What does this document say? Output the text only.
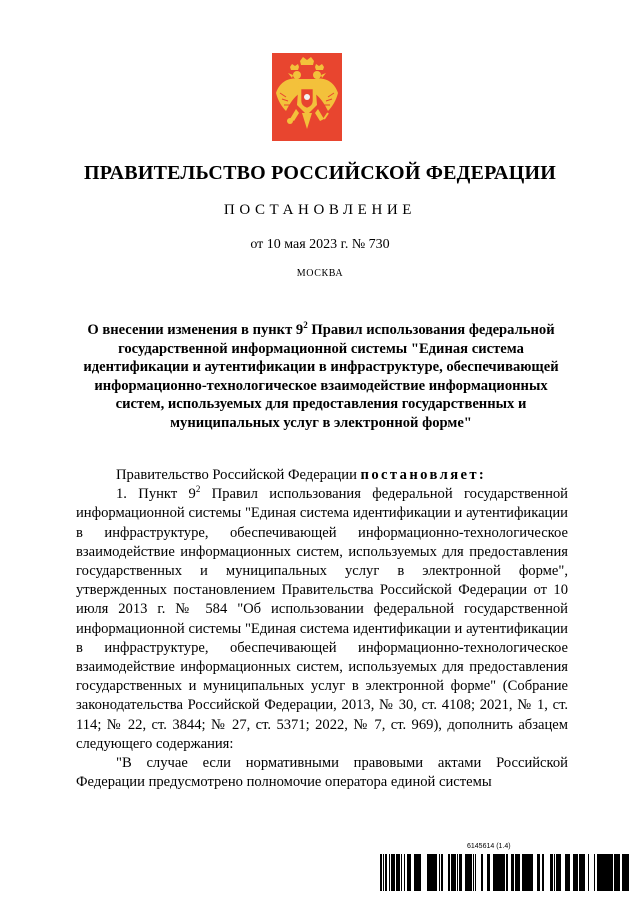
ПРАВИТЕЛЬСТВО РОССИЙСКОЙ ФЕДЕРАЦИИ
ПОСТАНОВЛЕНИЕ
от 10 мая 2023 г. № 730
МОСКВА
О внесении изменения в пункт $9^2$ Правил использования федеральной государственной информационной системы "Единая система идентификации и аутентификации в инфраструктуре, обеспечивающей информационно-технологическое взаимодействие информационных систем, используемых для предоставления государственных и муниципальных услуг в электронной форме"

Правительство Российской Федерации постановляет:

1. Пункт $9^2$ Правил использования федеральной государственной информационной системы "Единая система идентификации и аутентификации в инфраструктуре, обеспечивающей информационно-технологическое взаимодействие информационных систем, используемых для предоставления государственных и муниципальных услуг в электронной форме", утвержденных постановлением Правительства Российской Федерации от 10 июля 2013 г. № 584 "Об использовании федеральной государственной информационной системы "Единая система идентификации и аутентификации в инфраструктуре, обеспечивающей информационно-технологическое взаимодействие информационных систем, используемых для предоставления государственных и муниципальных услуг в электронной форме" (Собрание законодательства Российской Федерации, 2013, № 30, ст. 4108; 2021, № 1, ст. 114; № 22, ст. 3844; № 27, ст. 5371; 2022, № 7, ст. 969), дополнить абзацем следующего содержания:

"В случае если нормативными правовыми актами Российской Федерации предусмотрено полномочие оператора единой системы

6145614 (1.4)
